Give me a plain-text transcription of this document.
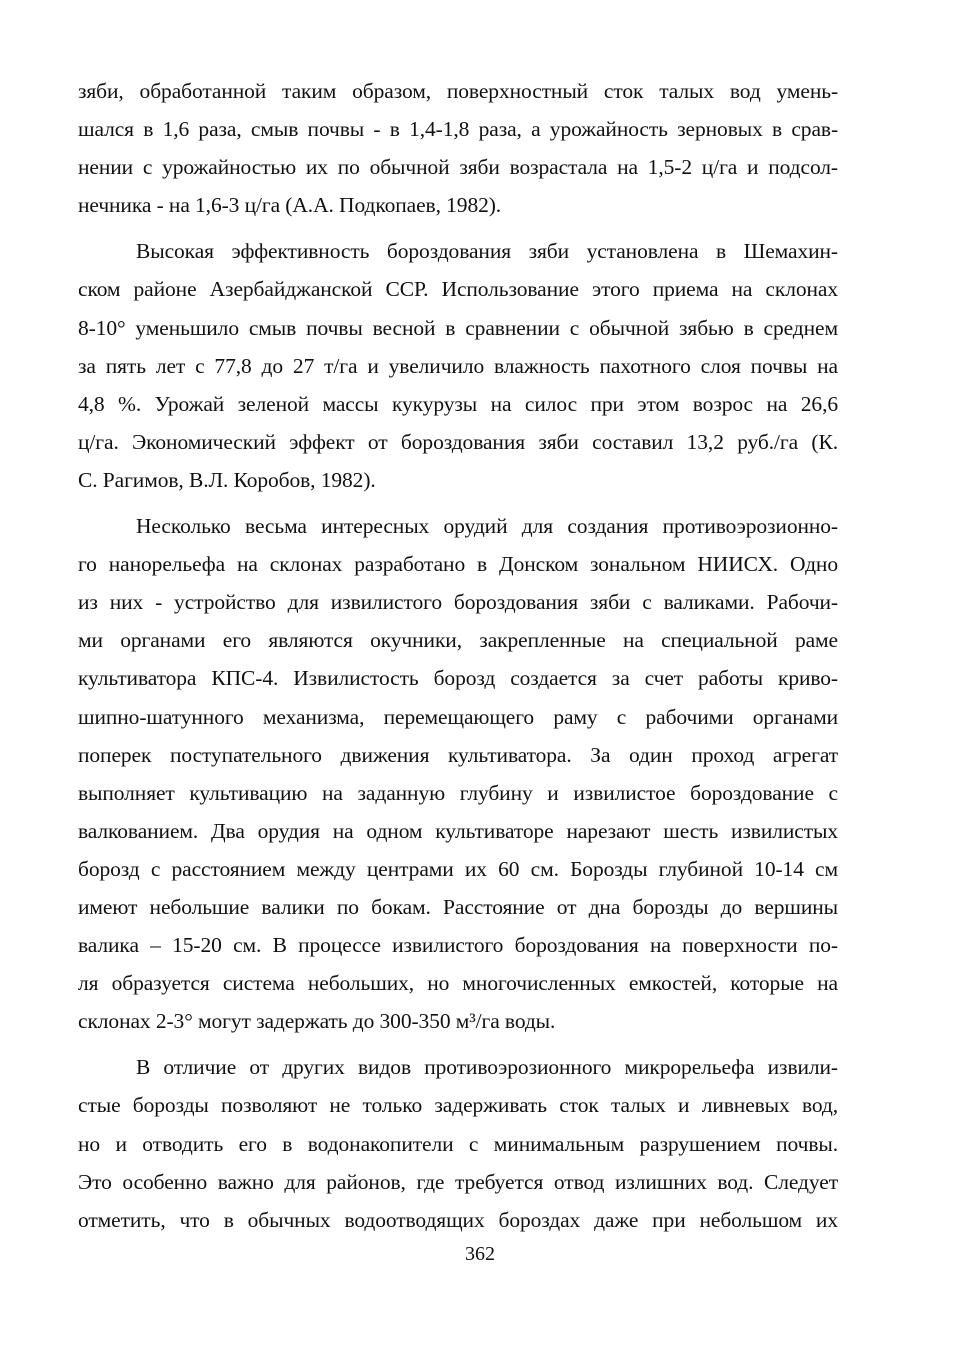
зяби, обработанной таким образом, поверхностный сток талых вод умень-
шался в 1,6 раза, смыв почвы - в 1,4-1,8 раза, а урожайность зерновых в срав-
нении с урожайностью их по обычной зяби возрастала на 1,5-2 ц/га и подсол-
нечника - на 1,6-3 ц/га (А.А. Подкопаев, 1982).
Высокая эффективность бороздования зяби установлена в Шемахин-
ском районе Азербайджанской ССР. Использование этого приема на склонах
8-10° уменьшило смыв почвы весной в сравнении с обычной зябью в среднем
за пять лет с 77,8 до 27 т/га и увеличило влажность пахотного слоя почвы на
4,8 %. Урожай зеленой массы кукурузы на силос при этом возрос на 26,6
ц/га. Экономический эффект от бороздования зяби составил 13,2 руб./га (К.
С. Рагимов, В.Л. Коробов, 1982).
Несколько весьма интересных орудий для создания противоэрозионно-
го нанорельефа на склонах разработано в Донском зональном НИИСХ. Одно
из них - устройство для извилистого бороздования зяби с валиками. Рабочи-
ми органами его являются окучники, закрепленные на специальной раме
культиватора КПС-4. Извилистость борозд создается за счет работы криво-
шипно-шатунного механизма, перемещающего раму с рабочими органами
поперек поступательного движения культиватора. За один проход агрегат
выполняет культивацию на заданную глубину и извилистое бороздование с
валкованием. Два орудия на одном культиваторе нарезают шесть извилистых
борозд с расстоянием между центрами их 60 см. Борозды глубиной 10-14 см
имеют небольшие валики по бокам. Расстояние от дна борозды до вершины
валика – 15-20 см. В процессе извилистого бороздования на поверхности по-
ля образуется система небольших, но многочисленных емкостей, которые на
склонах 2-3° могут задержать до 300-350 м³/га воды.
В отличие от других видов противоэрозионного микрорельефа извили-
стые борозды позволяют не только задерживать сток талых и ливневых вод,
но и отводить его в водонакопители с минимальным разрушением почвы.
Это особенно важно для районов, где требуется отвод излишних вод. Следует
отметить, что в обычных водоотводящих бороздах даже при небольшом их
362
